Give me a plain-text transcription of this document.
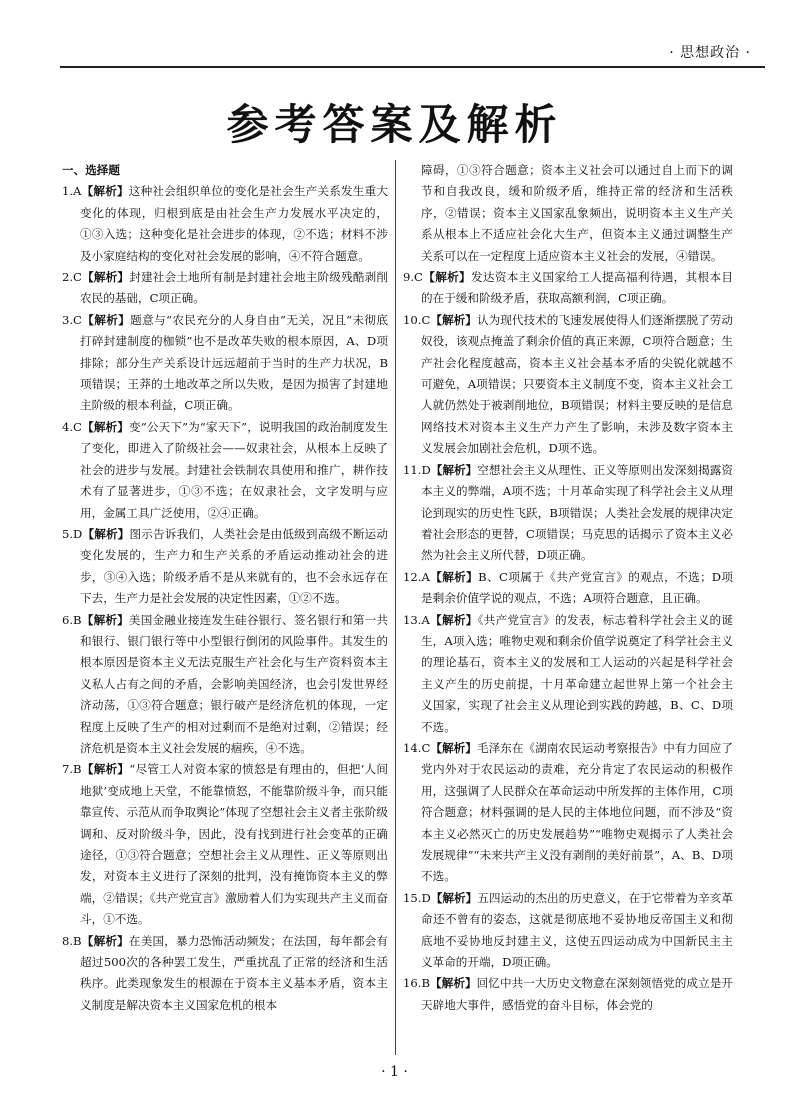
· 思想政治 ·
参考答案及解析
一、选择题

1.A【解析】这种社会组织单位的变化是社会生产关系发生重大变化的体现，归根到底是由社会生产力发展水平决定的，①③入选；这种变化是社会进步的体现，②不选；材料不涉及小家庭结构的变化对社会发展的影响，④不符合题意。

2.C【解析】封建社会土地所有制是封建社会地主阶级残酷剥削农民的基础，C项正确。

3.C【解析】题意与“农民充分的人身自由”无关，况且“未彻底打碎封建制度的枷锁”也不是改革失败的根本原因，A、D项排除；部分生产关系设计远远超前于当时的生产力状况，B项错误；王莽的土地改革之所以失败，是因为损害了封建地主阶级的根本利益，C项正确。

4.C【解析】变“公天下”为“家天下”，说明我国的政治制度发生了变化，即进入了阶级社会——奴隶社会，从根本上反映了社会的进步与发展。封建社会铁制农具使用和推广，耕作技术有了显著进步，①③不选；在奴隶社会，文字发明与应用，金属工具广泛使用，②④正确。

5.D【解析】图示告诉我们，人类社会是由低级到高级不断运动变化发展的，生产力和生产关系的矛盾运动推动社会的进步，③④入选；阶级矛盾不是从来就有的，也不会永远存在下去，生产力是社会发展的决定性因素，①②不选。

6.B【解析】美国金融业接连发生硅谷银行、签名银行和第一共和银行、银门银行等中小型银行倒闭的风险事件。其发生的根本原因是资本主义无法克服生产社会化与生产资料资本主义私人占有之间的矛盾，会影响美国经济，也会引发世界经济动荡，①③符合题意；银行破产是经济危机的体现，一定程度上反映了生产的相对过剩而不是绝对过剩，②错误；经济危机是资本主义社会发展的痼疾，④不选。

7.B【解析】“尽管工人对资本家的愤怒是有理由的，但把‘人间地狱’变成地上天堂，不能靠愤怒，不能靠阶级斗争，而只能靠宣传、示范从而争取舆论”体现了空想社会主义者主张阶级调和、反对阶级斗争，因此，没有找到进行社会变革的正确途径，①③符合题意；空想社会主义从理性、正义等原则出发，对资本主义进行了深刻的批判，没有掩饰资本主义的弊端，②错误；《共产党宣言》激励着人们为实现共产主义而奋斗，①不选。

8.B【解析】在美国，暴力恐怖活动频发；在法国，每年都会有超过500次的各种罢工发生，严重扰乱了正常的经济和生活秩序。此类现象发生的根源在于资本主义基本矛盾，资本主义制度是解决资本主义国家危机的根本

障碍，①③符合题意；资本主义社会可以通过自上而下的调节和自我改良，缓和阶级矛盾，维持正常的经济和生活秩序，②错误；资本主义国家乱象频出，说明资本主义生产关系从根本上不适应社会化大生产，但资本主义通过调整生产关系可以在一定程度上适应资本主义社会的发展，④错误。

9.C【解析】发达资本主义国家给工人提高福利待遇，其根本目的在于缓和阶级矛盾，获取高额利润，C项正确。

10.C【解析】认为现代技术的飞速发展使得人们逐渐摆脱了劳动奴役，该观点掩盖了剩余价值的真正来源，C项符合题意；生产社会化程度越高，资本主义社会基本矛盾的尖锐化就越不可避免，A项错误；只要资本主义制度不变，资本主义社会工人就仍然处于被剥削地位，B项错误；材料主要反映的是信息网络技术对资本主义生产力产生了影响，未涉及数字资本主义发展会加剧社会危机，D项不选。

11.D【解析】空想社会主义从理性、正义等原则出发深刻揭露资本主义的弊端，A项不选；十月革命实现了科学社会主义从理论到现实的历史性飞跃，B项错误；人类社会发展的规律决定着社会形态的更替，C项错误；马克思的话揭示了资本主义必然为社会主义所代替，D项正确。

12.A【解析】B、C项属于《共产党宣言》的观点，不选；D项是剩余价值学说的观点，不选；A项符合题意，且正确。

13.A【解析】《共产党宣言》的发表，标志着科学社会主义的诞生，A项入选；唯物史观和剩余价值学说奠定了科学社会主义的理论基石，资本主义的发展和工人运动的兴起是科学社会主义产生的历史前提，十月革命建立起世界上第一个社会主义国家，实现了社会主义从理论到实践的跨越，B、C、D项不选。

14.C【解析】毛泽东在《湖南农民运动考察报告》中有力回应了党内外对于农民运动的责难，充分肯定了农民运动的积极作用，这强调了人民群众在革命运动中所发挥的主体作用，C项符合题意；材料强调的是人民的主体地位问题，而不涉及“资本主义必然灭亡的历史发展趋势”“唯物史观揭示了人类社会发展规律”“未来共产主义没有剥削的美好前景”，A、B、D项不选。

15.D【解析】五四运动的杰出的历史意义，在于它带着为辛亥革命还不曾有的姿态，这就是彻底地不妥协地反帝国主义和彻底地不妥协地反封建主义，这使五四运动成为中国新民主主义革命的开端，D项正确。

16.B【解析】回忆中共一大历史文物意在深刻领悟党的成立是开天辟地大事件，感悟党的奋斗目标，体会党的

· 1 ·
